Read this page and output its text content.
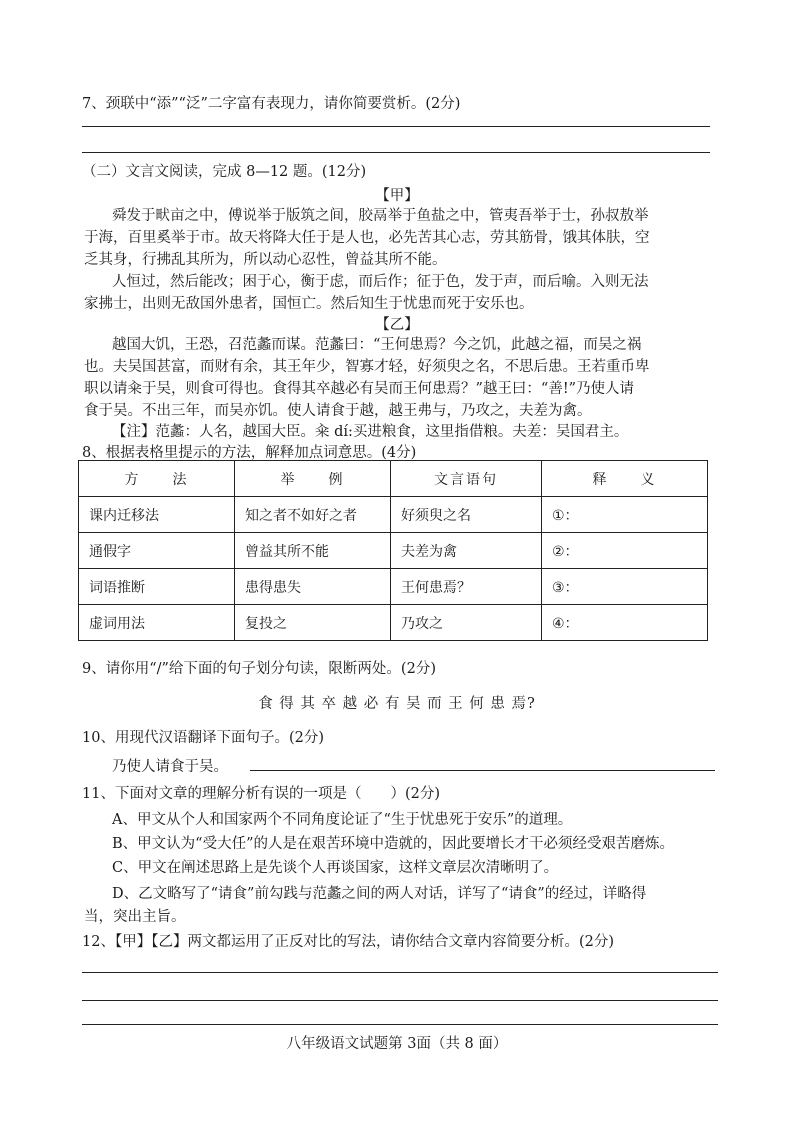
7、颈联中“添”“泛”二字富有表现力，请你简要赏析。(2分)
（二）文言文阅读，完成 8—12 题。(12分)
【甲】
舜发于畎亩之中，傅说举于版筑之间，胶鬲举于鱼盐之中，管夷吾举于士，孙叔敖举
于海，百里奚举于市。故天将降大任于是人也，必先苦其心志，劳其筋骨，饿其体肤，空
乏其身，行拂乱其所为，所以动心忍性，曾益其所不能。
人恒过，然后能改；困于心，衡于虑，而后作；征于色，发于声，而后喻。入则无法
家拂士，出则无敌国外患者，国恒亡。然后知生于忧患而死于安乐也。
【乙】
越国大饥，王恐，召范蠡而谋。范蠡曰：“王何患焉？今之饥，此越之福，而吴之祸
也。夫吴国甚富，而财有余，其王年少，智寡才轻，好须臾之名，不思后患。王若重币卑
职以请籴于吴，则食可得也。食得其卒越必有吴而王何患焉？”越王曰：“善!”乃使人请
食于吴。不出三年，而吴亦饥。使人请食于越，越王弗与，乃攻之，夫差为禽。
【注】范蠡：人名，越国大臣。籴 dí:买进粮食，这里指借粮。夫差：吴国君主。
8、根据表格里提示的方法，解释加点词意思。(4分)
方　　法	举　　例	文言语句	释　　义
课内迁移法	知之者不如好之者	好须臾之名	①：
通假字	曾益其所不能	夫差为禽	②：
词语推断	患得患失	王何患焉？	③：
虚词用法	复投之	乃攻之	④：
9、请你用“/”给下面的句子划分句读，限断两处。(2分)
食 得 其 卒 越 必 有 吴 而 王 何 患 焉?
10、用现代汉语翻译下面句子。(2分)
乃使人请食于吴。
11、下面对文章的理解分析有误的一项是（　　）(2分)
A、甲文从个人和国家两个不同角度论证了“生于忧患死于安乐”的道理。
B、甲文认为“受大任”的人是在艰苦环境中造就的，因此要增长才干必须经受艰苦磨炼。
C、甲文在阐述思路上是先谈个人再谈国家，这样文章层次清晰明了。
D、乙文略写了“请食”前勾践与范蠡之间的两人对话，详写了“请食”的经过，详略得
当，突出主旨。
12、【甲】【乙】两文都运用了正反对比的写法，请你结合文章内容简要分析。(2分)
八年级语文试题第 3面（共 8 面）
